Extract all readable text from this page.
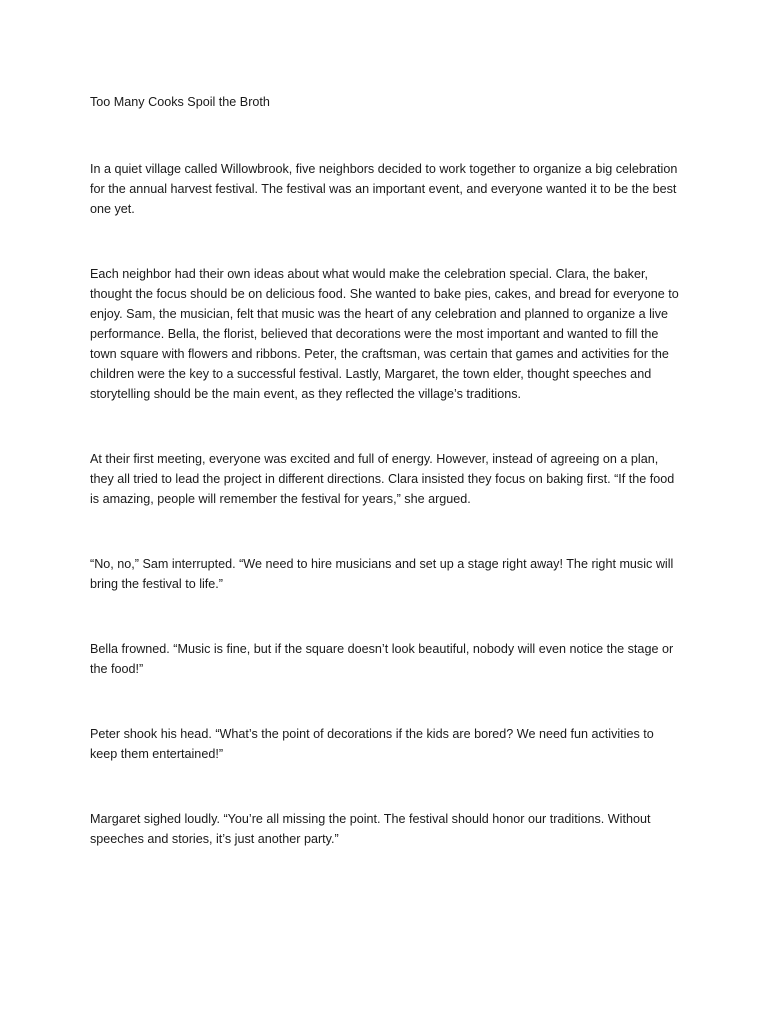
Too Many Cooks Spoil the Broth

In a quiet village called Willowbrook, five neighbors decided to work together to organize a big celebration for the annual harvest festival. The festival was an important event, and everyone wanted it to be the best one yet.

Each neighbor had their own ideas about what would make the celebration special. Clara, the baker, thought the focus should be on delicious food. She wanted to bake pies, cakes, and bread for everyone to enjoy. Sam, the musician, felt that music was the heart of any celebration and planned to organize a live performance. Bella, the florist, believed that decorations were the most important and wanted to fill the town square with flowers and ribbons. Peter, the craftsman, was certain that games and activities for the children were the key to a successful festival. Lastly, Margaret, the town elder, thought speeches and storytelling should be the main event, as they reflected the village’s traditions.

At their first meeting, everyone was excited and full of energy. However, instead of agreeing on a plan, they all tried to lead the project in different directions. Clara insisted they focus on baking first. “If the food is amazing, people will remember the festival for years,” she argued.

“No, no,” Sam interrupted. “We need to hire musicians and set up a stage right away! The right music will bring the festival to life.”

Bella frowned. “Music is fine, but if the square doesn’t look beautiful, nobody will even notice the stage or the food!”

Peter shook his head. “What’s the point of decorations if the kids are bored? We need fun activities to keep them entertained!”

Margaret sighed loudly. “You’re all missing the point. The festival should honor our traditions. Without speeches and stories, it’s just another party.”
